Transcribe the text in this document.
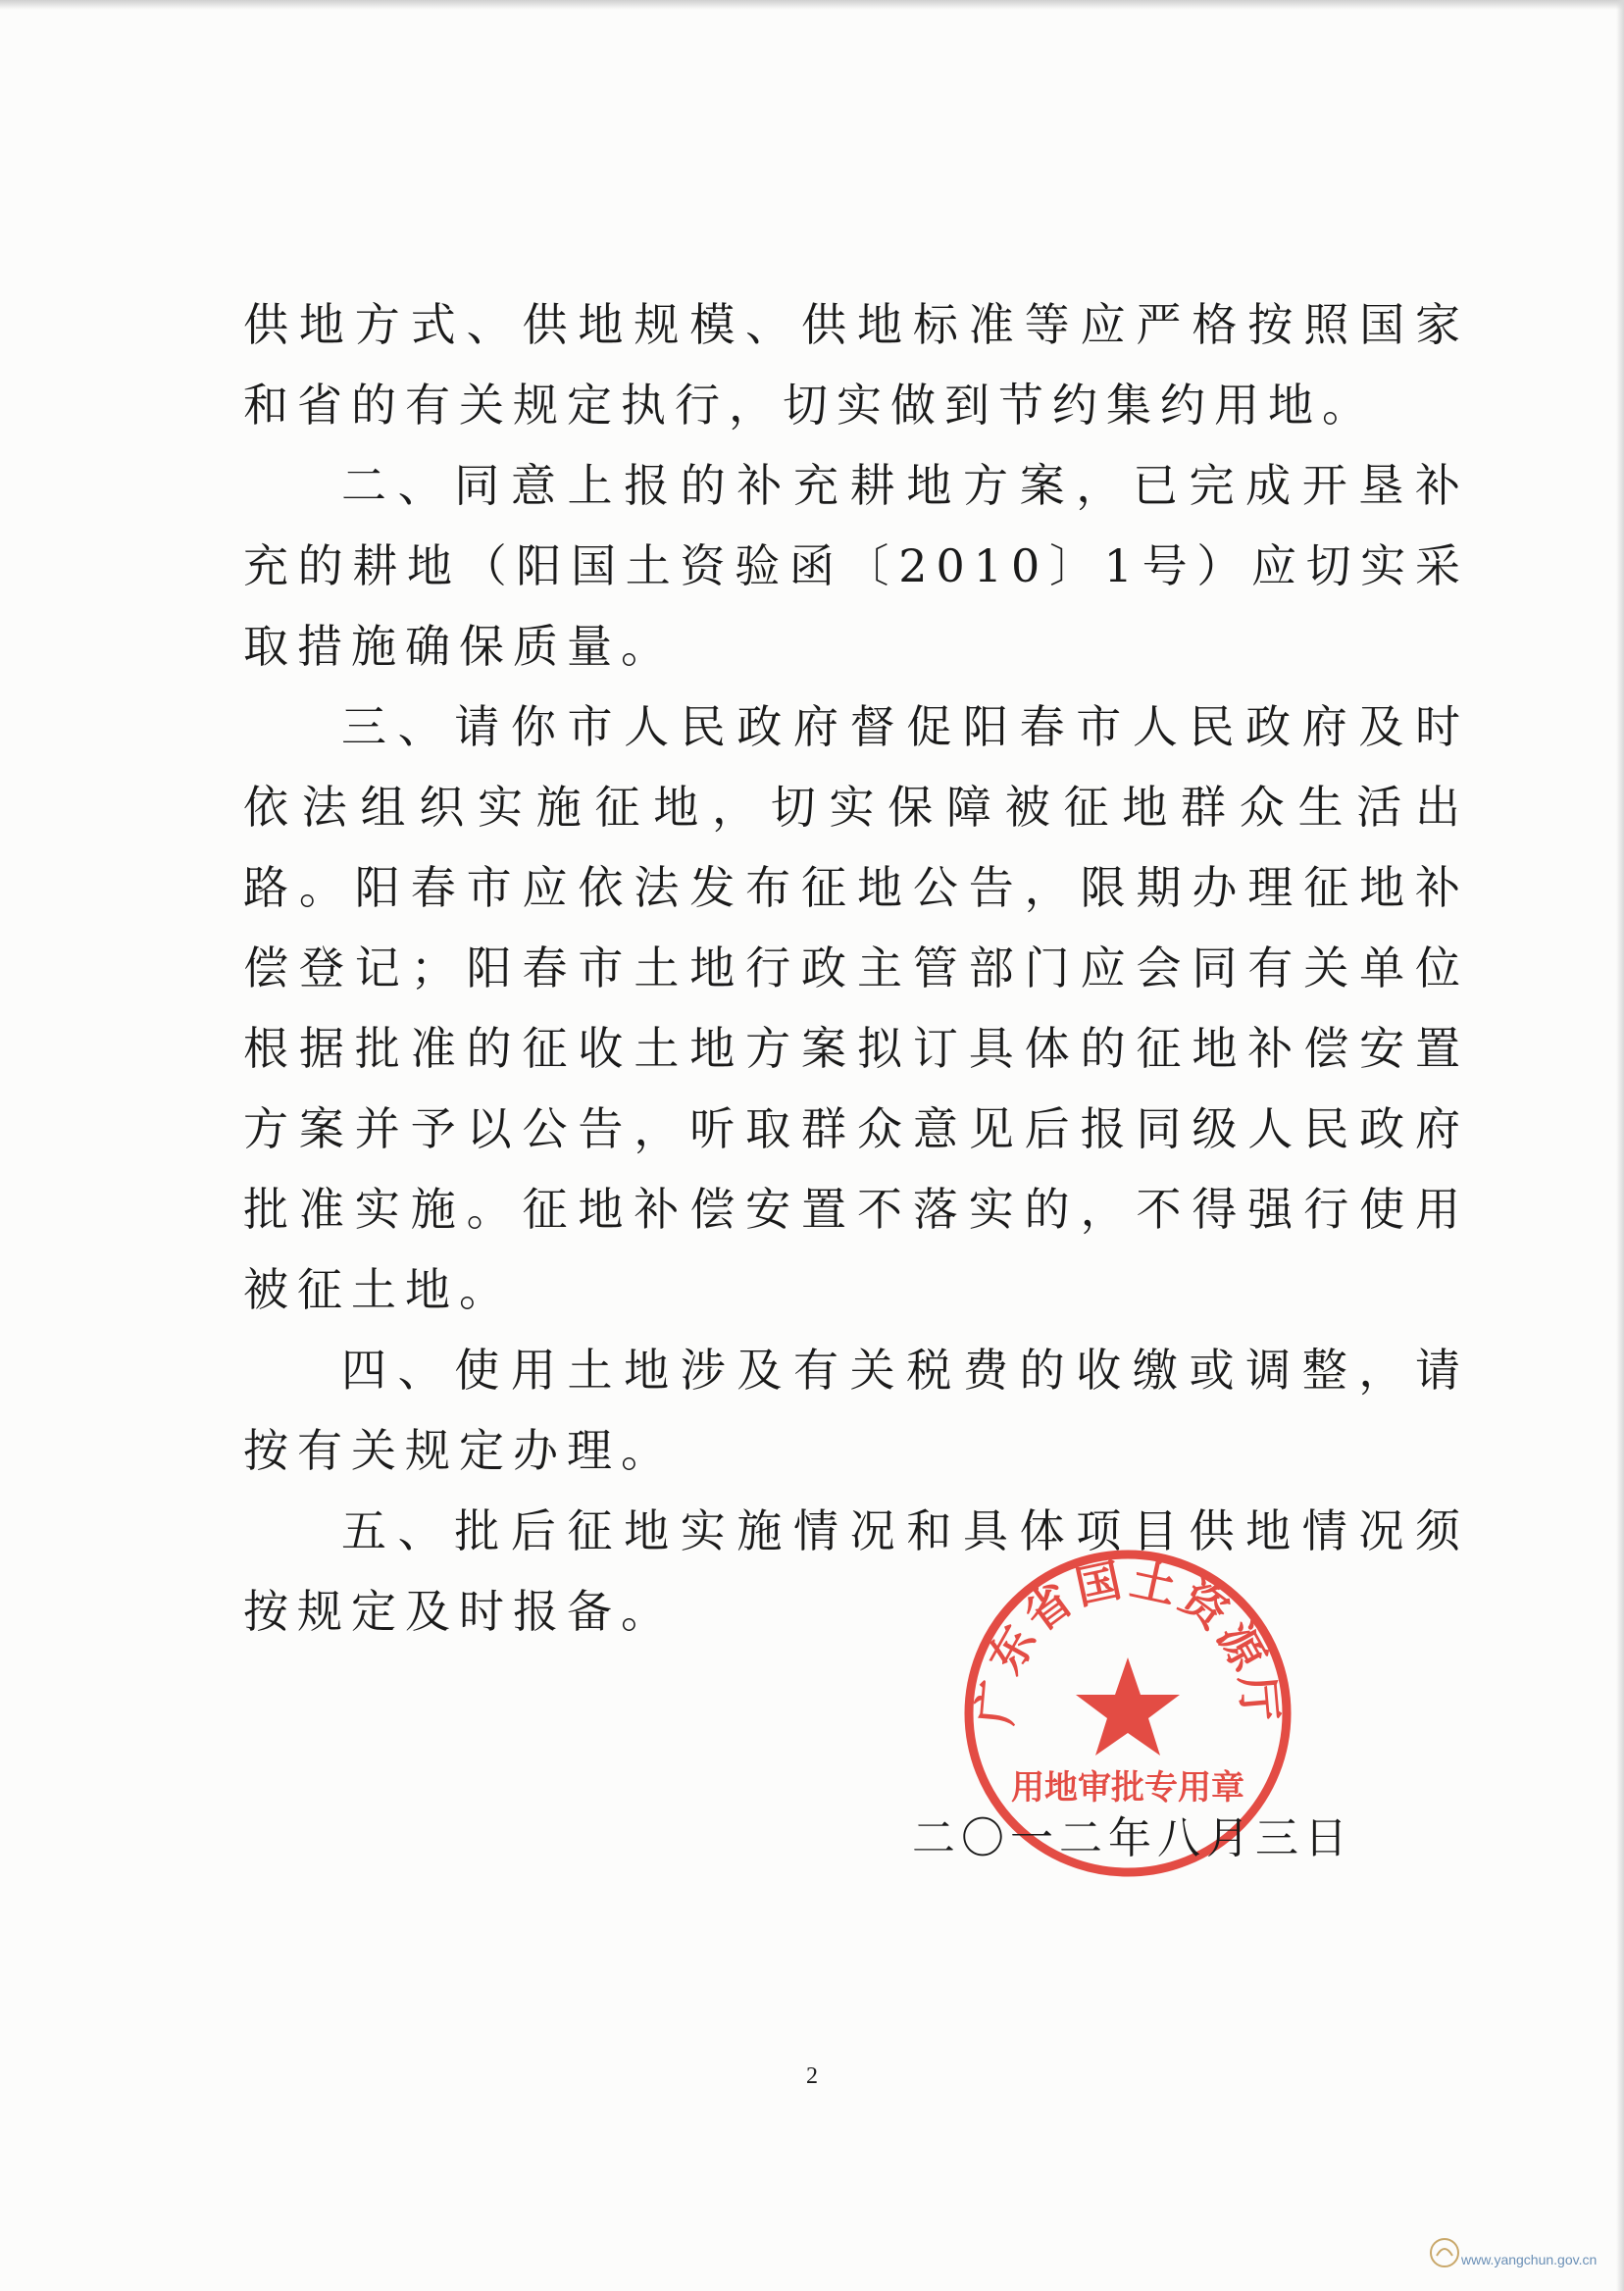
供地方式、供地规模、供地标准等应严格按照国家和省的有关规定执行，切实做到节约集约用地。

二、同意上报的补充耕地方案，已完成开垦补充的耕地（阳国土资验函〔2010〕1号）应切实采取措施确保质量。

三、请你市人民政府督促阳春市人民政府及时依法组织实施征地，切实保障被征地群众生活出路。阳春市应依法发布征地公告，限期办理征地补偿登记；阳春市土地行政主管部门应会同有关单位根据批准的征收土地方案拟订具体的征地补偿安置方案并予以公告，听取群众意见后报同级人民政府批准实施。征地补偿安置不落实的，不得强行使用被征土地。

四、使用土地涉及有关税费的收缴或调整，请按有关规定办理。

五、批后征地实施情况和具体项目供地情况须按规定及时报备。

广东省国土资源厅
用地审批专用章
二〇一二年八月三日
2
www.yangchun.gov.cn
